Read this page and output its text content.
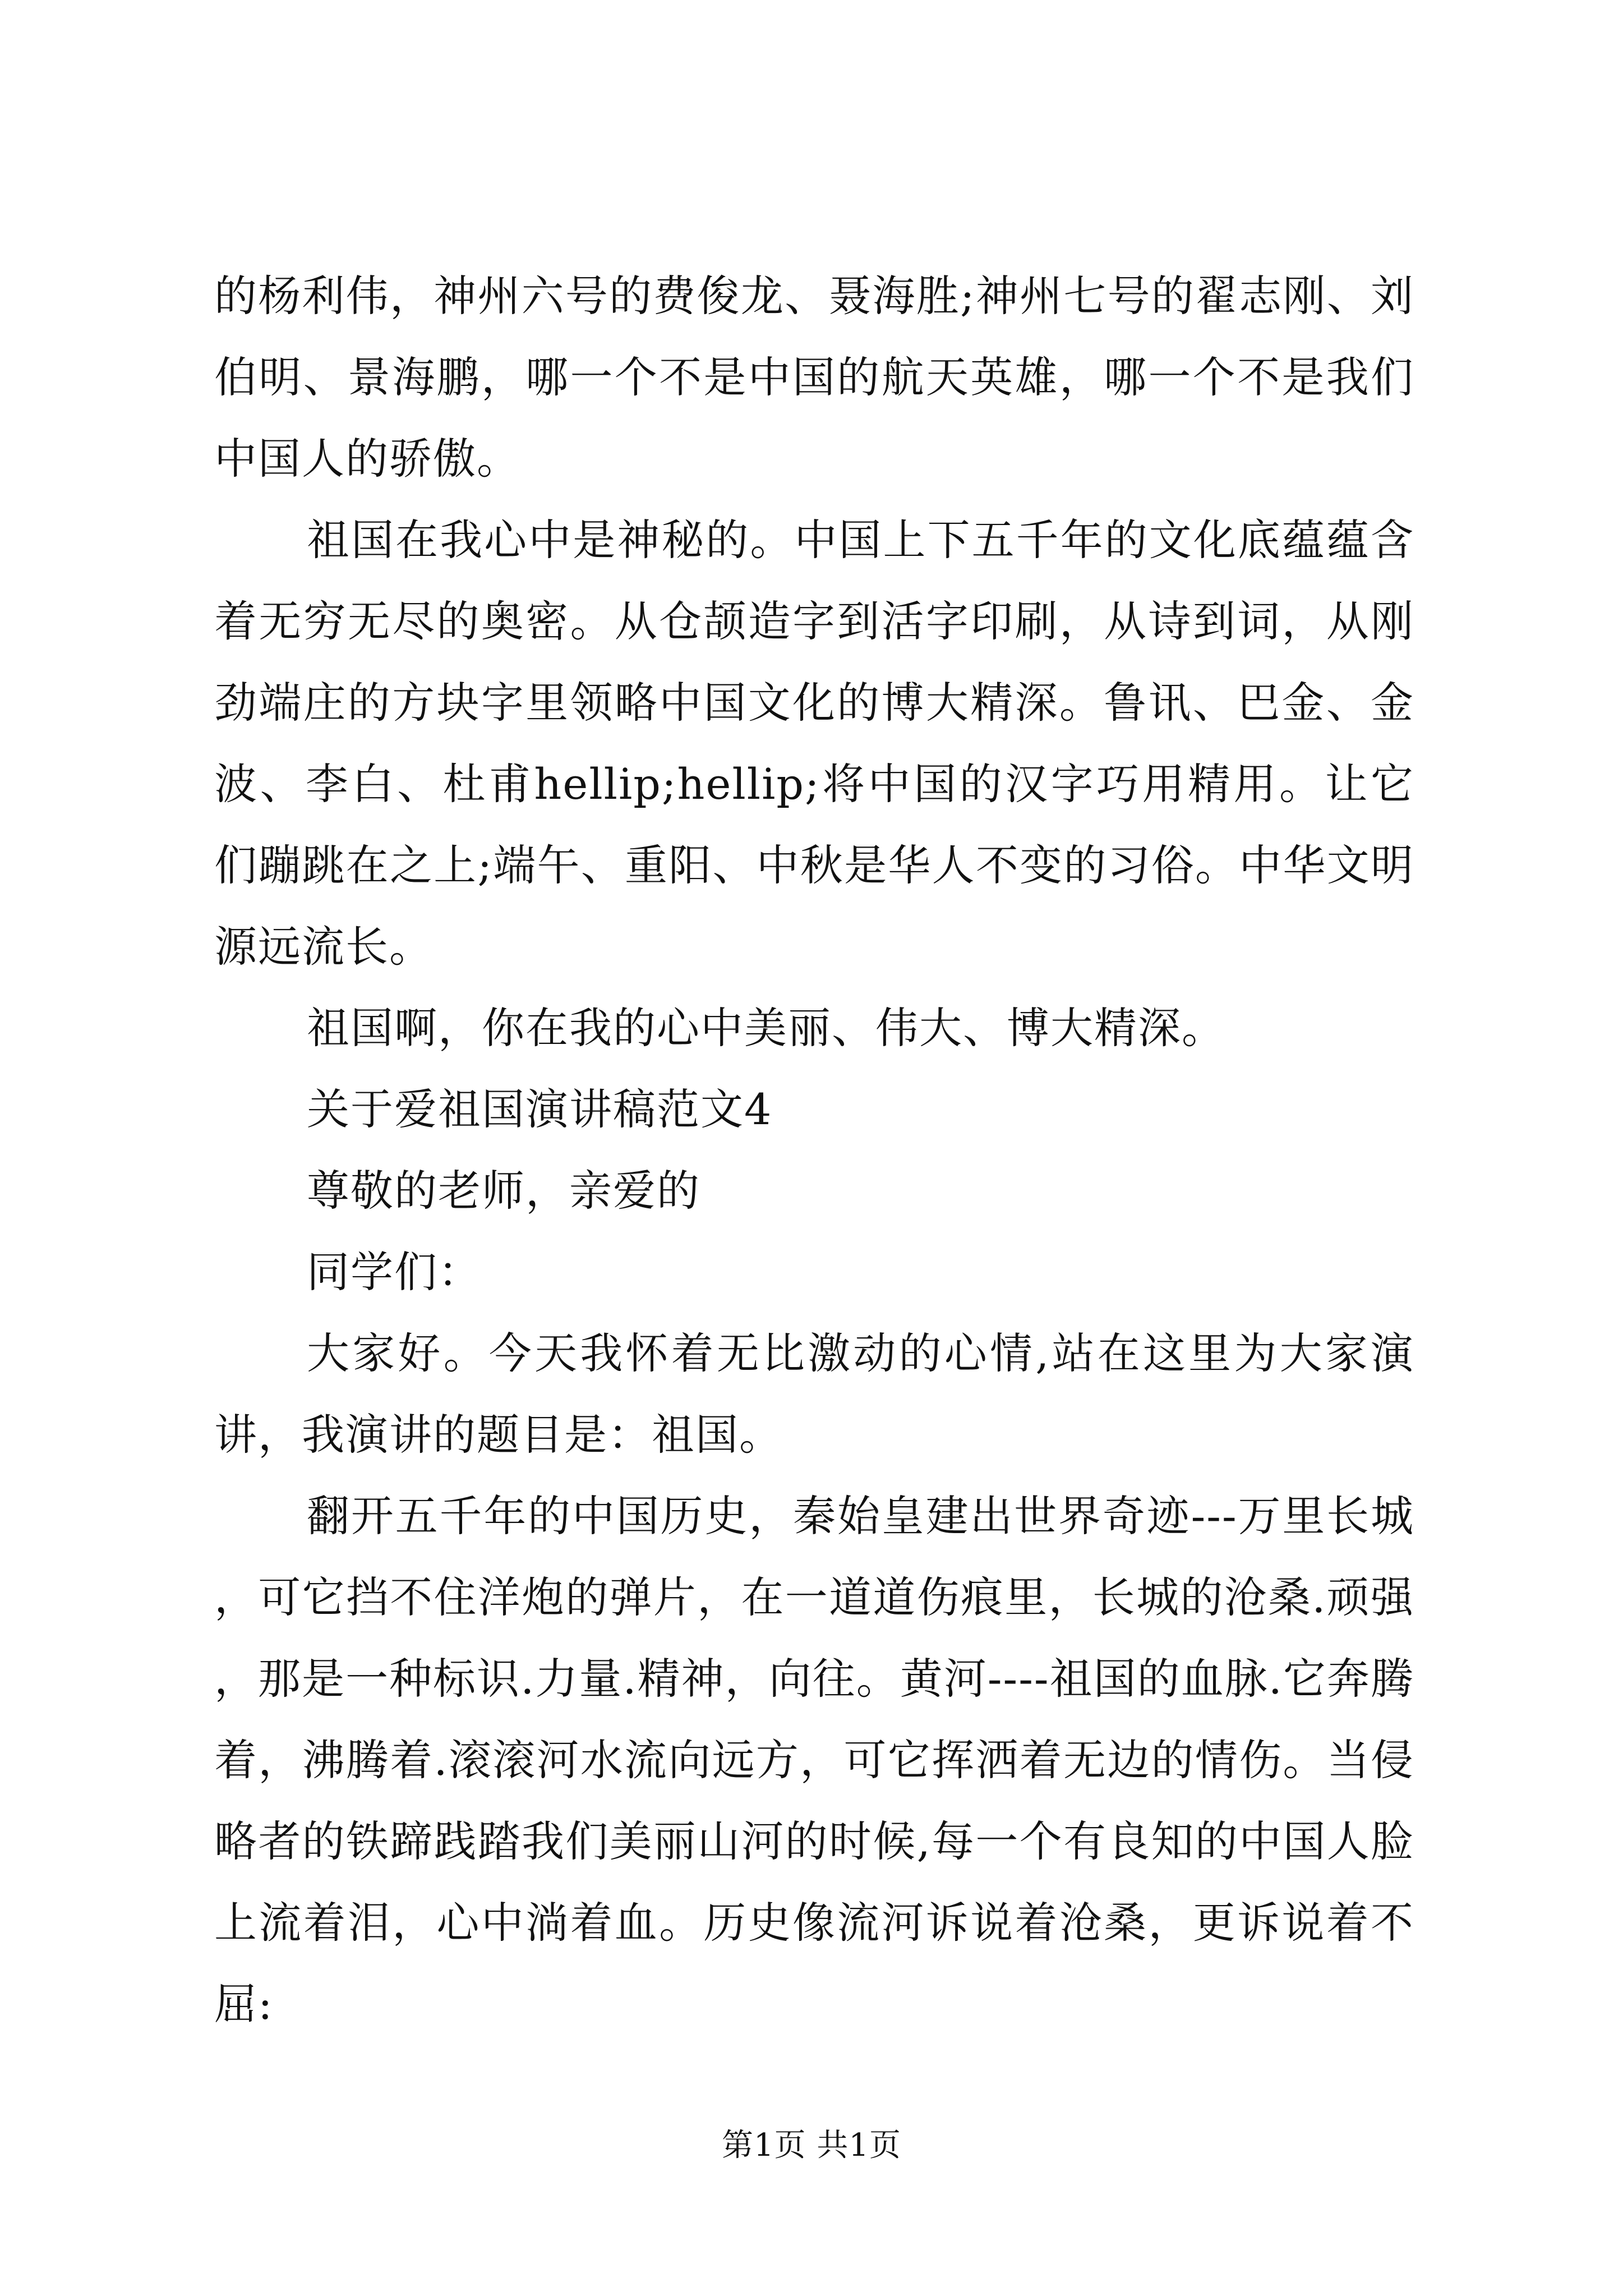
的杨利伟，神州六号的费俊龙、聂海胜;神州七号的翟志刚、刘伯明、景海鹏，哪一个不是中国的航天英雄，哪一个不是我们中国人的骄傲。

祖国在我心中是神秘的。中国上下五千年的文化底蕴蕴含着无穷无尽的奥密。从仓颉造字到活字印刷，从诗到词，从刚劲端庄的方块字里领略中国文化的博大精深。鲁讯、巴金、金波、李白、杜甫hellip;hellip;将中国的汉字巧用精用。让它们蹦跳在之上;端午、重阳、中秋是华人不变的习俗。中华文明源远流长。

祖国啊，你在我的心中美丽、伟大、博大精深。

关于爱祖国演讲稿范文4

尊敬的老师，亲爱的

同学们：

大家好。今天我怀着无比激动的心情,站在这里为大家演讲，我演讲的题目是：祖国。

翻开五千年的中国历史，秦始皇建出世界奇迹---万里长城，可它挡不住洋炮的弹片，在一道道伤痕里，长城的沧桑.顽强，那是一种标识.力量.精神，向往。黄河----祖国的血脉.它奔腾着，沸腾着.滚滚河水流向远方，可它挥洒着无边的情伤。当侵略者的铁蹄践踏我们美丽山河的时候,每一个有良知的中国人脸上流着泪，心中淌着血。历史像流河诉说着沧桑，更诉说着不屈:

第1页 共1页
